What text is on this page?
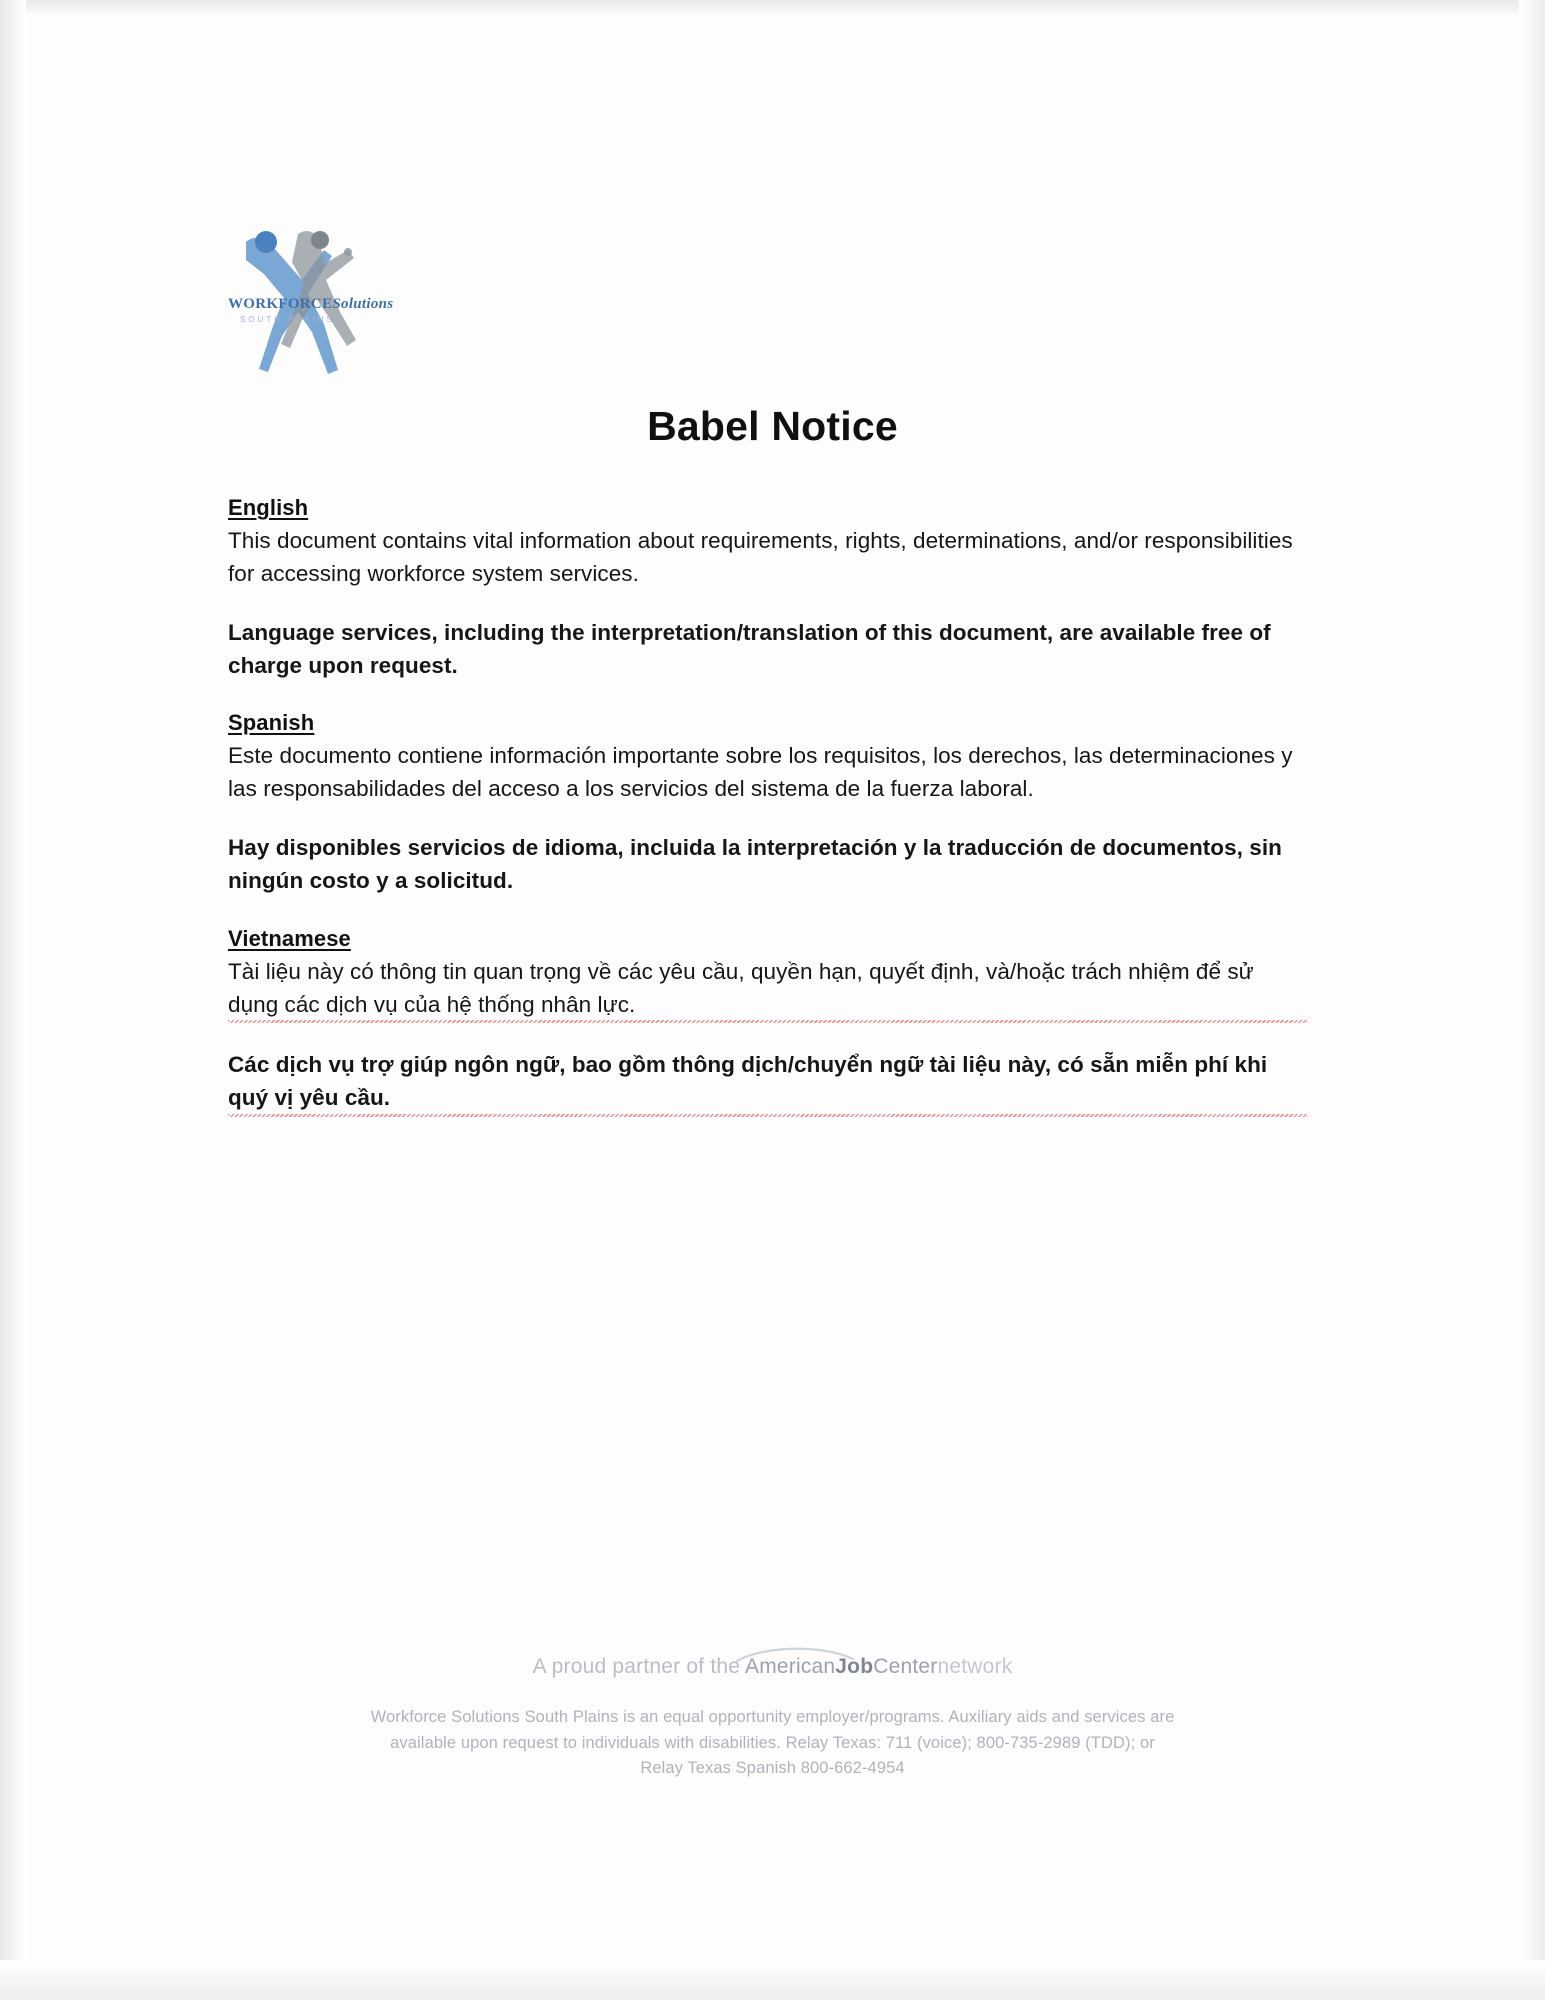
WORKFORCESolutions
SOUTH PLAINS
Babel Notice
English

This document contains vital information about requirements, rights, determinations, and/or responsibilities for accessing workforce system services.

Language services, including the interpretation/translation of this document, are available free of charge upon request.

Spanish

Este documento contiene información importante sobre los requisitos, los derechos, las determinaciones y las responsabilidades del acceso a los servicios del sistema de la fuerza laboral.

Hay disponibles servicios de idioma, incluida la interpretación y la traducción de documentos, sin ningún costo y a solicitud.

Vietnamese

Tài liệu này có thông tin quan trọng về các yêu cầu, quyền hạn, quyết định, và/hoặc trách nhiệm để sử dụng các dịch vụ của hệ thống nhân lực.

Các dịch vụ trợ giúp ngôn ngữ, bao gồm thông dịch/chuyển ngữ tài liệu này, có sẵn miễn phí khi quý vị yêu cầu.

A proud partner of the AmericanJobCenternetwork
Workforce Solutions South Plains is an equal opportunity employer/programs. Auxiliary aids and services are
available upon request to individuals with disabilities. Relay Texas: 711 (voice); 800-735-2989 (TDD); or
Relay Texas Spanish 800-662-4954
